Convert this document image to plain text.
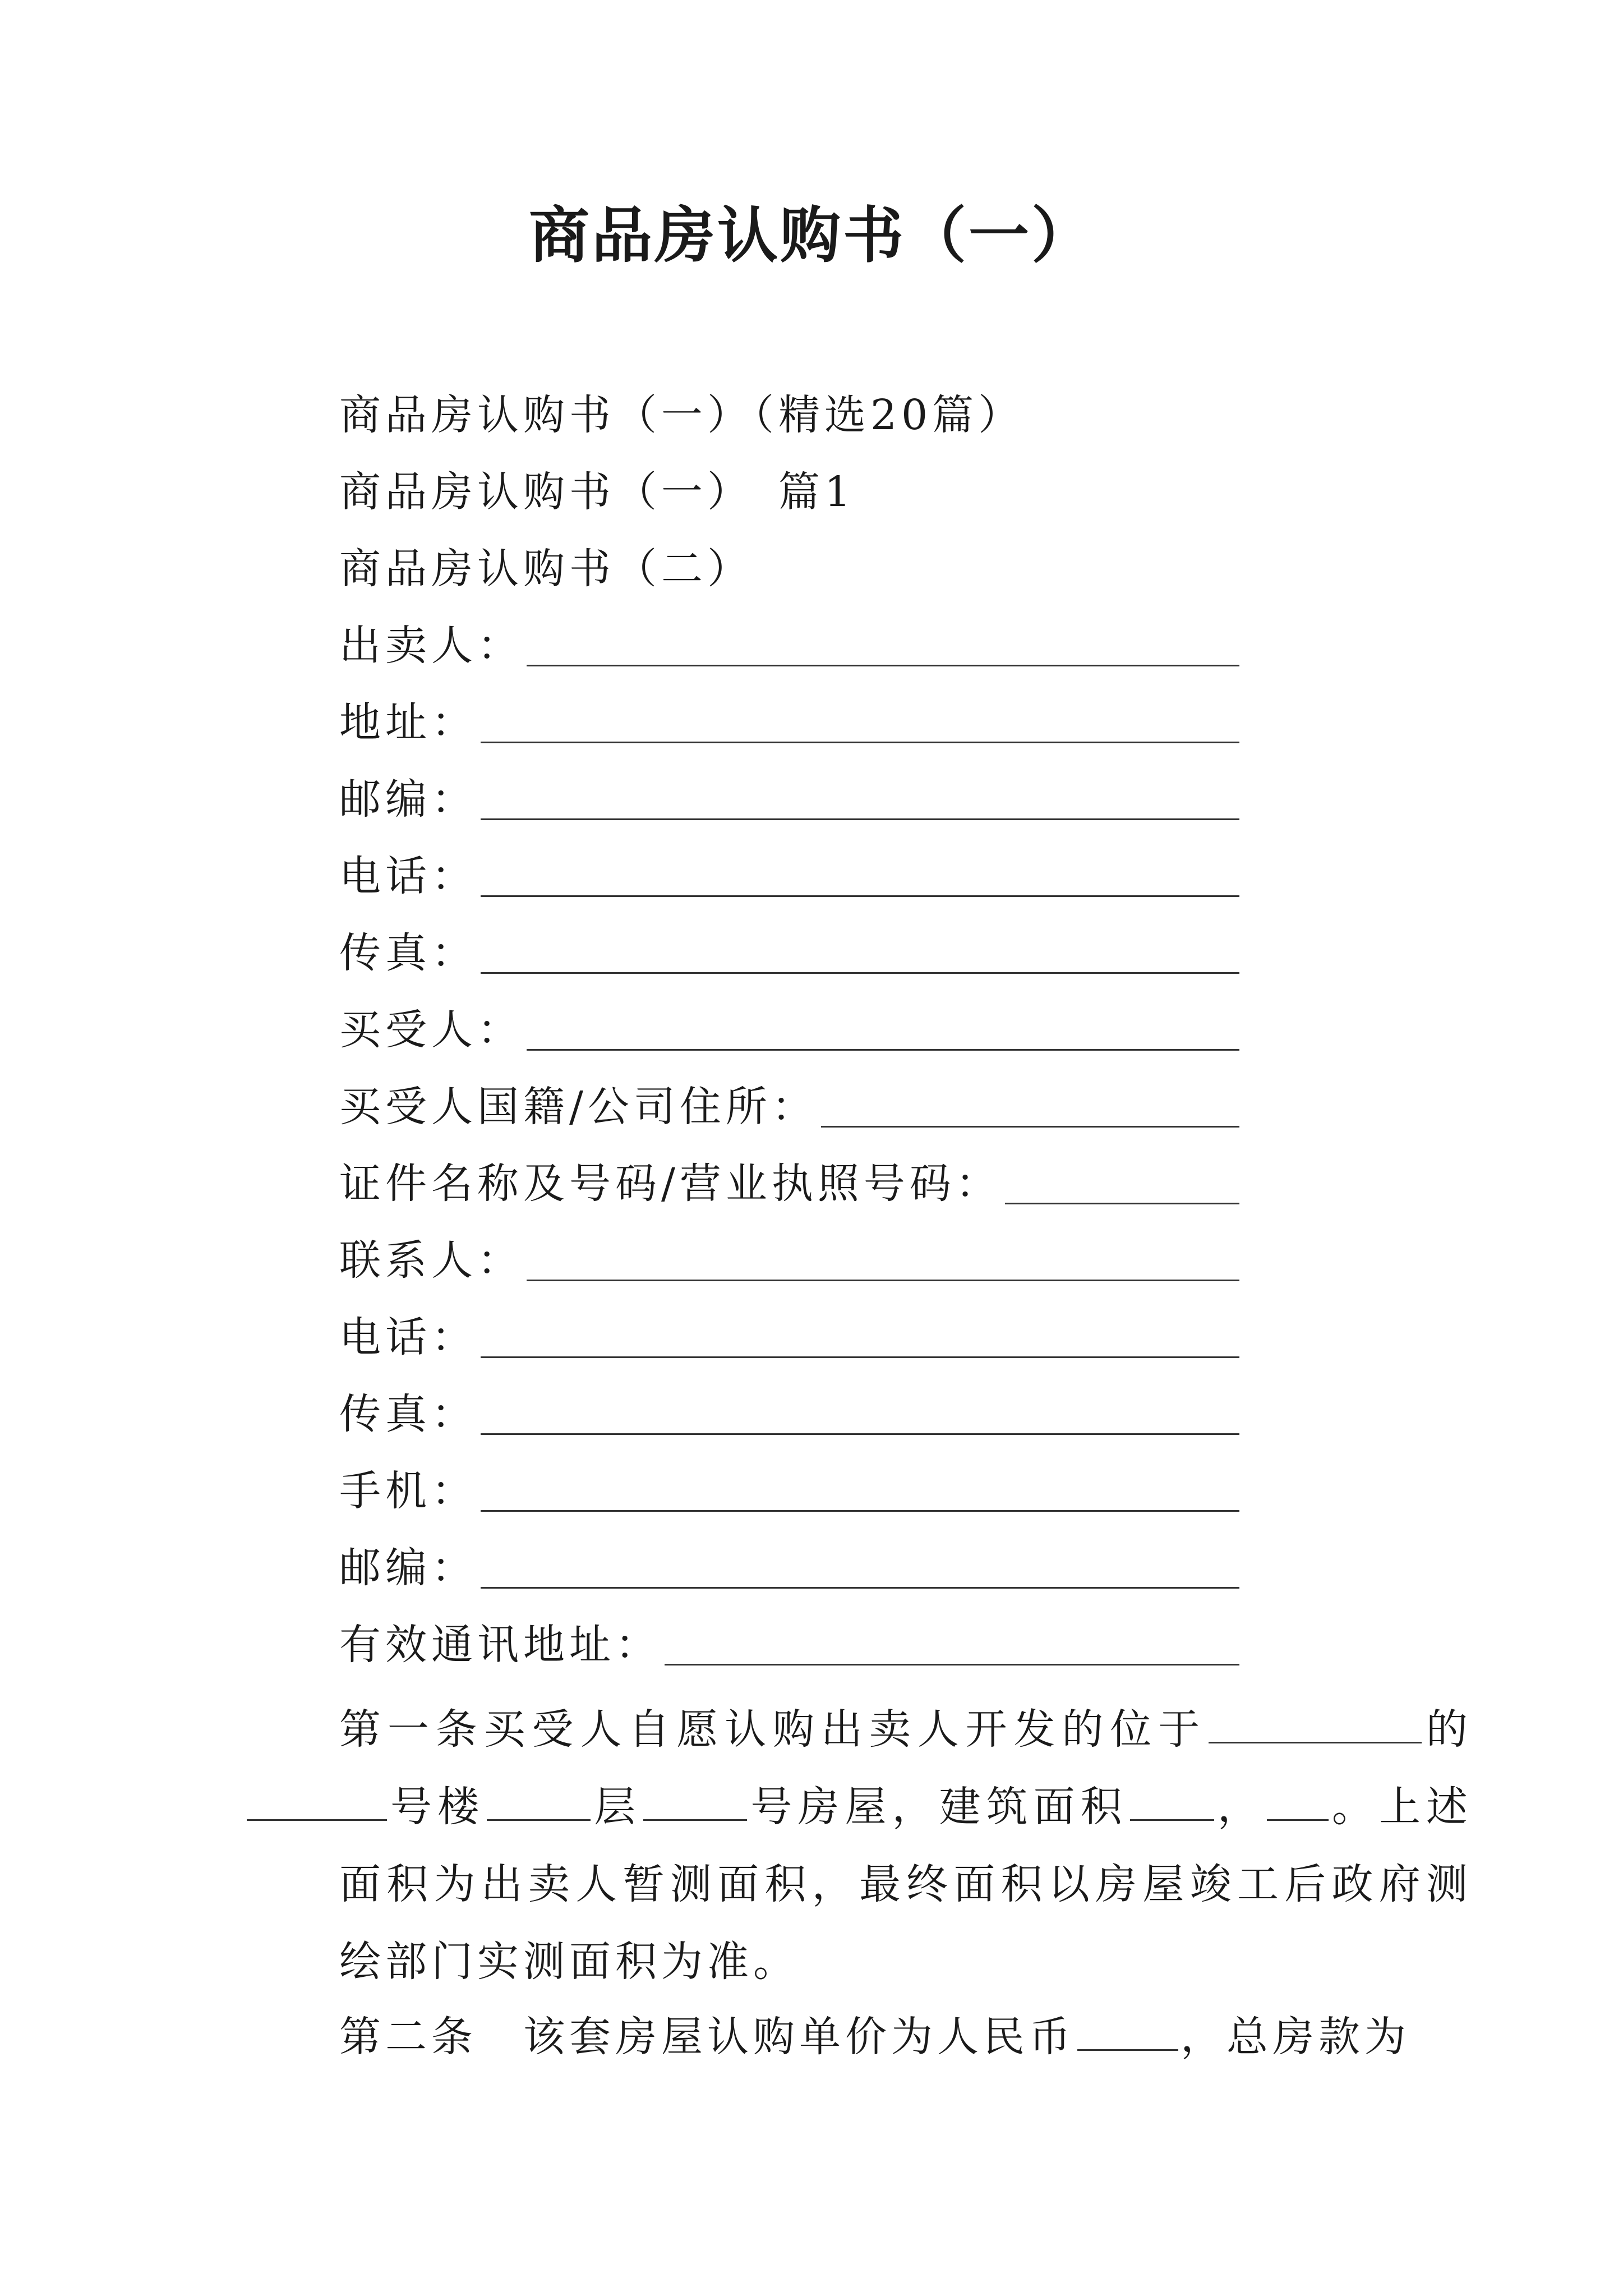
商品房认购书（一）
商品房认购书（一）（精选20篇）
商品房认购书（一）　篇1
商品房认购书（二）
出卖人：
地址：
邮编：
电话：
传真：
买受人：
买受人国籍/公司住所：
证件名称及号码/营业执照号码：
联系人：
电话：
传真：
手机：
邮编：
有效通讯地址：
第一条买受人自愿认购出卖人开发的位于	的号楼	层	号房屋，建筑面积 ， 。上述面积为出卖人暂测面积，最终面积以房屋竣工后政府测绘部门实测面积为准。
第二条　该套房屋认购单价为人民币	，总房款为
